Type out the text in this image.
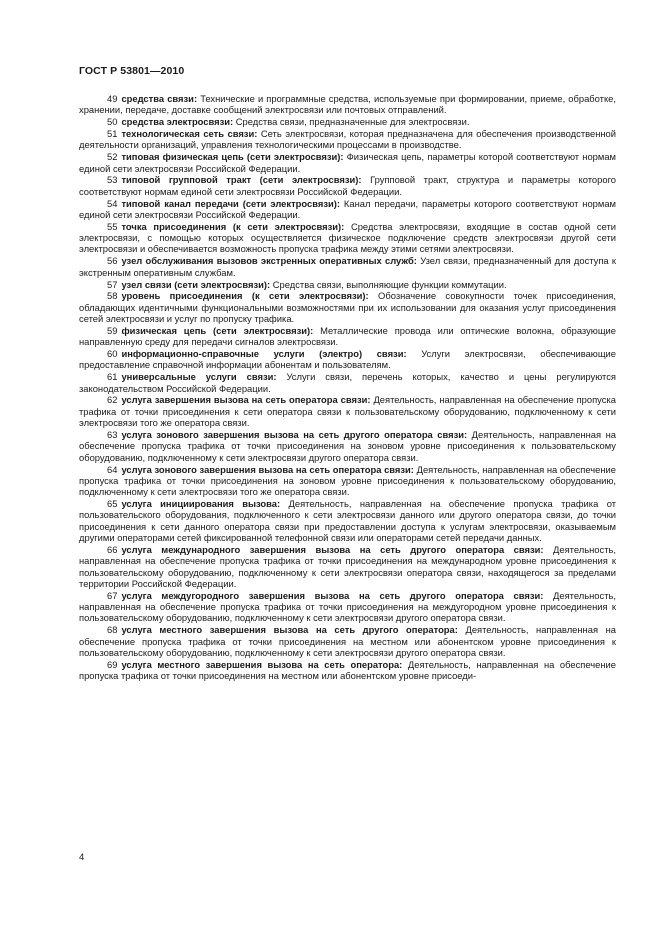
ГОСТ Р 53801—2010

49 средства связи: Технические и программные средства, используемые при формировании, приеме, обработке, хранении, передаче, доставке сообщений электросвязи или почтовых отправлений.

50 средства электросвязи: Средства связи, предназначенные для электросвязи.

51 технологическая сеть связи: Сеть электросвязи, которая предназначена для обеспечения производственной деятельности организаций, управления технологическими процессами в производстве.

52 типовая физическая цепь (сети электросвязи): Физическая цепь, параметры которой соответствуют нормам единой сети электросвязи Российской Федерации.

53 типовой групповой тракт (сети электросвязи): Групповой тракт, структура и параметры которого соответствуют нормам единой сети электросвязи Российской Федерации.

54 типовой канал передачи (сети электросвязи): Канал передачи, параметры которого соответствуют нормам единой сети электросвязи Российской Федерации.

55 точка присоединения (к сети электросвязи): Средства электросвязи, входящие в состав одной сети электросвязи, с помощью которых осуществляется физическое подключение средств электросвязи другой сети электросвязи и обеспечивается возможность пропуска трафика между этими сетями электросвязи.

56 узел обслуживания вызовов экстренных оперативных служб: Узел связи, предназначенный для доступа к экстренным оперативным службам.

57 узел связи (сети электросвязи): Средства связи, выполняющие функции коммутации.

58 уровень присоединения (к сети электросвязи): Обозначение совокупности точек присоединения, обладающих идентичными функциональными возможностями при их использовании для оказания услуг присоединения сетей электросвязи и услуг по пропуску трафика.

59 физическая цепь (сети электросвязи): Металлические провода или оптические волокна, образующие направленную среду для передачи сигналов электросвязи.

60 информационно-справочные услуги (электро) связи: Услуги электросвязи, обеспечивающие предоставление справочной информации абонентам и пользователям.

61 универсальные услуги связи: Услуги связи, перечень которых, качество и цены регулируются законодательством Российской Федерации.

62 услуга завершения вызова на сеть оператора связи: Деятельность, направленная на обеспечение пропуска трафика от точки присоединения к сети оператора связи к пользовательскому оборудованию, подключенному к сети электросвязи того же оператора связи.

63 услуга зонового завершения вызова на сеть другого оператора связи: Деятельность, направленная на обеспечение пропуска трафика от точки присоединения на зоновом уровне присоединения к пользовательскому оборудованию, подключенному к сети электросвязи другого оператора связи.

64 услуга зонового завершения вызова на сеть оператора связи: Деятельность, направленная на обеспечение пропуска трафика от точки присоединения на зоновом уровне присоединения к пользовательскому оборудованию, подключенному к сети электросвязи того же оператора связи.

65 услуга инициирования вызова: Деятельность, направленная на обеспечение пропуска трафика от пользовательского оборудования, подключенного к сети электросвязи данного или другого оператора связи, до точки присоединения к сети данного оператора связи при предоставлении доступа к услугам электросвязи, оказываемым другими операторами сетей фиксированной телефонной связи или операторами сетей передачи данных.

66 услуга международного завершения вызова на сеть другого оператора связи: Деятельность, направленная на обеспечение пропуска трафика от точки присоединения на международном уровне присоединения к пользовательскому оборудованию, подключенному к сети электросвязи оператора связи, находящегося за пределами территории Российской Федерации.

67 услуга междугородного завершения вызова на сеть другого оператора связи: Деятельность, направленная на обеспечение пропуска трафика от точки присоединения на междугородном уровне присоединения к пользовательскому оборудованию, подключенному к сети электросвязи другого оператора связи.

68 услуга местного завершения вызова на сеть другого оператора: Деятельность, направленная на обеспечение пропуска трафика от точки присоединения на местном или абонентском уровне присоединения к пользовательскому оборудованию, подключенному к сети электросвязи другого оператора связи.

69 услуга местного завершения вызова на сеть оператора: Деятельность, направленная на обеспечение пропуска трафика от точки присоединения на местном или абонентском уровне присоеди-

4
